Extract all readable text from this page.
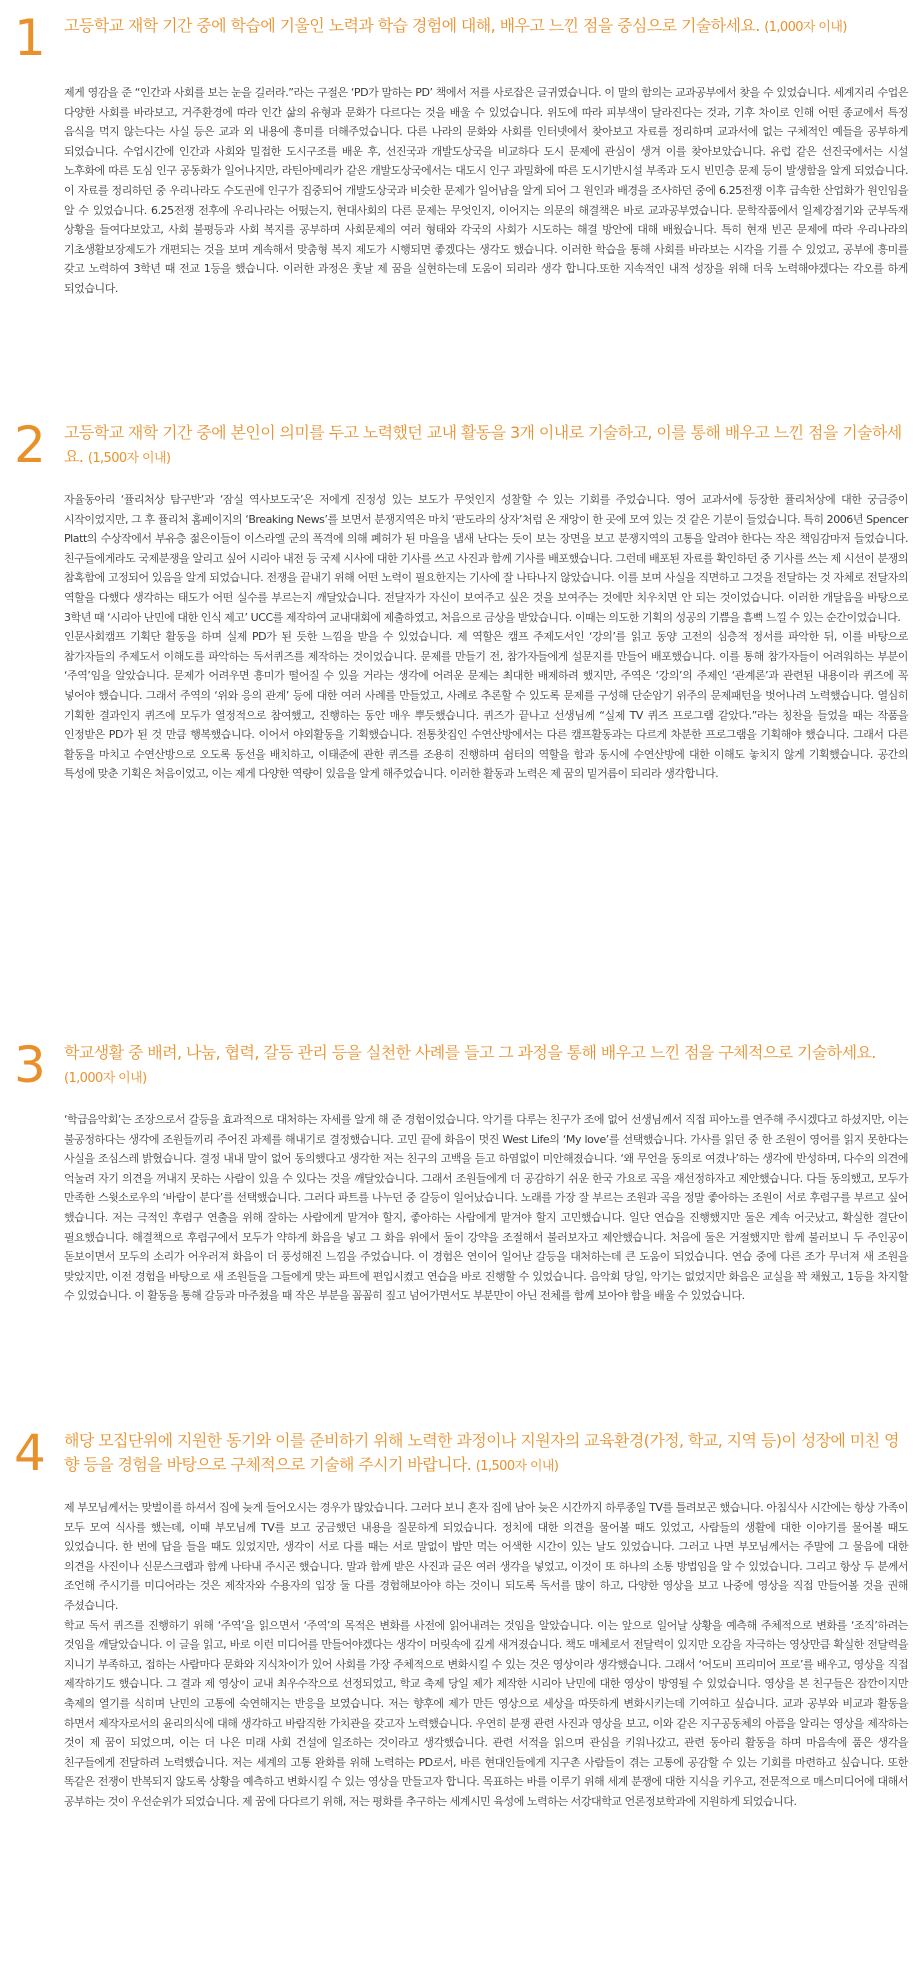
1	고등학교 재학 기간 중에 학습에 기울인 노력과 학습 경험에 대해, 배우고 느낀 점을 중심으로 기술하세요. (1,000자 이내)

제게 영감을 준 “인간과 사회를 보는 눈을 길러라.”라는 구절은 ‘PD가 말하는 PD’ 책에서 저를 사로잡은 글귀였습니다. 이 말의 함의는 교과공부에서 찾을 수 있었습니다. 세계지리 수업은 다양한 사회를 바라보고, 거주환경에 따라 인간 삶의 유형과 문화가 다르다는 것을 배울 수 있었습니다. 위도에 따라 피부색이 달라진다는 것과, 기후 차이로 인해 어떤 종교에서 특정 음식을 먹지 않는다는 사실 등은 교과 외 내용에 흥미를 더해주었습니다. 다른 나라의 문화와 사회를 인터넷에서 찾아보고 자료를 정리하며 교과서에 없는 구체적인 예들을 공부하게 되었습니다. 수업시간에 인간과 사회와 밀접한 도시구조를 배운 후, 선진국과 개발도상국을 비교하다 도시 문제에 관심이 생겨 이를 찾아보았습니다. 유럽 같은 선진국에서는 시설 노후화에 따른 도심 인구 공동화가 일어나지만, 라틴아메리카 같은 개발도상국에서는 대도시 인구 과밀화에 따른 도시기반시설 부족과 도시 빈민층 문제 등이 발생함을 알게 되었습니다. 이 자료를 정리하던 중 우리나라도 수도권에 인구가 집중되어 개발도상국과 비슷한 문제가 일어남을 알게 되어 그 원인과 배경을 조사하던 중에 6.25전쟁 이후 급속한 산업화가 원인임을 알 수 있었습니다. 6.25전쟁 전후에 우리나라는 어떴는지, 현대사회의 다른 문제는 무엇인지, 이어지는 의문의 해결책은 바로 교과공부였습니다. 문학작품에서 일제강점기와 군부독재 상황을 들여다보았고, 사회 불평등과 사회 복지를 공부하며 사회문제의 여러 형태와 각국의 사회가 시도하는 해결 방안에 대해 배웠습니다. 특히 현재 빈곤 문제에 따라 우리나라의 기초생활보장제도가 개편되는 것을 보며 계속해서 맞춤형 복지 제도가 시행되면 좋겠다는 생각도 했습니다. 이러한 학습을 통해 사회를 바라보는 시각을 기를 수 있었고, 공부에 흥미를 갖고 노력하여 3학년 때 전교 1등을 했습니다. 이러한 과정은 훗날 제 꿈을 실현하는데 도움이 되리라 생각 합니다.또한 지속적인 내적 성장을 위해 더욱 노력해야겠다는 각오를 하게 되었습니다.

2	고등학교 재학 기간 중에 본인이 의미를 두고 노력했던 교내 활동을 3개 이내로 기술하고, 이를 통해 배우고 느낀 점을 기술하세요. (1,500자 이내)

자율동아리 ‘퓰리처상 탐구반’과 ‘잠실 역사보도국’은 저에게 진정성 있는 보도가 무엇인지 성찰할 수 있는 기회를 주었습니다. 영어 교과서에 등장한 퓰리처상에 대한 궁금증이 시작이었지만, 그 후 퓰리처 홈페이지의 ‘Breaking News’를 보면서 분쟁지역은 마치 ‘판도라의 상자’처럼 온 재앙이 한 곳에 모여 있는 것 같은 기분이 들었습니다. 특히 2006년 Spencer Platt의 수상작에서 부유층 젊은이들이 이스라엘 군의 폭격에 의해 폐허가 된 마을을 냄새 난다는 듯이 보는 장면을 보고 분쟁지역의 고통을 알려야 한다는 작은 책임감마저 들었습니다. 친구들에게라도 국제분쟁을 알리고 싶어 시리아 내전 등 국제 시사에 대한 기사를 쓰고 사진과 함께 기사를 배포했습니다. 그런데 배포된 자료를 확인하던 중 기사를 쓰는 제 시선이 분쟁의 참혹함에 고정되어 있음을 알게 되었습니다. 전쟁을 끝내기 위해 어떤 노력이 필요한지는 기사에 잘 나타나지 않았습니다. 이를 보며 사실을 직면하고 그것을 전달하는 것 자체로 전달자의 역할을 다했다 생각하는 태도가 어떤 실수를 부르는지 깨달았습니다. 전달자가 자신이 보여주고 싶은 것을 보여주는 것에만 치우치면 안 되는 것이었습니다. 이러한 개달음을 바탕으로 3학년 때 ‘시리아 난민에 대한 인식 제고’ UCC를 제작하여 교내대회에 제출하였고, 처음으로 금상을 받았습니다. 이때는 의도한 기획의 성공의 기쁨을 흠뻑 느낄 수 있는 순간이었습니다.

인문사회캠프 기획단 활동을 하며 실제 PD가 된 듯한 느낌을 받을 수 있었습니다. 제 역할은 캠프 주제도서인 ‘강의’를 읽고 동양 고전의 심층적 정서를 파악한 뒤, 이를 바탕으로 참가자들의 주제도서 이해도를 파악하는 독서퀴즈를 제작하는 것이었습니다. 문제를 만들기 전, 참가자들에게 설문지를 만들어 배포했습니다. 이를 통해 참가자들이 어려워하는 부분이 ‘주역’임을 알았습니다. 문제가 어려우면 흥미가 떨어질 수 있을 거라는 생각에 어려운 문제는 최대한 배제하려 했지만, 주역은 ‘강의’의 주제인 ‘관계론’과 관련된 내용이라 퀴즈에 꼭 넣어야 했습니다. 그래서 주역의 ‘위와 응의 관계’ 등에 대한 여러 사례를 만들었고, 사례로 추론할 수 있도록 문제를 구성해 단순암기 위주의 문제패턴을 벗어나려 노력했습니다. 열심히 기획한 결과인지 퀴즈에 모두가 열정적으로 참여했고, 진행하는 동안 매우 뿌듯했습니다. 퀴즈가 끝나고 선생님께 “실제 TV 퀴즈 프로그램 같았다.”라는 칭찬을 들었을 때는 작품을 인정받은 PD가 된 것 만큼 행복했습니다. 이어서 야외활동을 기획했습니다. 전통찻집인 수연산방에서는 다른 캠프활동과는 다르게 차분한 프로그램을 기획해야 했습니다. 그래서 다른 활동을 마치고 수연산방으로 오도록 동선을 배치하고, 이태준에 관한 퀴즈를 조용히 진행하며 쉼터의 역할을 함과 동시에 수연산방에 대한 이해도 놓치지 않게 기획했습니다. 공간의 특성에 맞춘 기획은 처음이었고, 이는 제게 다양한 역량이 있음을 알게 해주었습니다. 이러한 활동과 노력은 제 꿈의 밑거름이 되리라 생각합니다.

3	학교생활 중 배려, 나눔, 협력, 갈등 관리 등을 실천한 사례를 들고 그 과정을 통해 배우고 느낀 점을 구체적으로 기술하세요. (1,000자 이내)

‘학급음악회’는 조장으로서 갈등을 효과적으로 대처하는 자세를 알게 해 준 경험이었습니다. 악기를 다루는 친구가 조에 없어 선생님께서 직접 피아노를 연주해 주시겠다고 하셨지만, 이는 불공정하다는 생각에 조원들끼리 주어진 과제를 해내기로 결정했습니다. 고민 끝에 화음이 멋진 West Life의 ‘My love’를 선택했습니다. 가사를 읽던 중 한 조원이 영어를 읽지 못한다는 사실을 조심스레 밝혔습니다. 결정 내내 말이 없어 동의했다고 생각한 저는 친구의 고백을 듣고 하염없이 미안해졌습니다. ‘왜 무언을 동의로 여겼나’하는 생각에 반성하며, 다수의 의견에 억눌려 자기 의견을 꺼내지 못하는 사람이 있을 수 있다는 것을 깨달았습니다. 그래서 조원들에게 더 공감하기 쉬운 한국 가요로 곡을 재선정하자고 제안했습니다. 다들 동의했고, 모두가 만족한 스윗소로우의 ‘바람이 분다’를 선택했습니다. 그러다 파트를 나누던 중 갈등이 일어났습니다. 노래를 가장 잘 부르는 조원과 곡을 정말 좋아하는 조원이 서로 후렴구를 부르고 싶어 했습니다. 저는 극적인 후렴구 연출을 위해 잘하는 사람에게 맡겨야 할지, 좋아하는 사람에게 맡겨야 할지 고민했습니다. 일단 연습을 진행했지만 둘은 계속 어긋났고, 확실한 결단이 필요했습니다. 해결책으로 후렴구에서 모두가 약하게 화음을 넣고 그 화음 위에서 둘이 강약을 조절해서 불러보자고 제안했습니다. 처음에 둘은 거절했지만 함께 불러보니 두 주인공이 돋보이면서 모두의 소리가 어우러져 화음이 더 풍성해진 느낌을 주었습니다. 이 경험은 연이어 일어난 갈등을 대처하는데 큰 도움이 되었습니다. 연습 중에 다른 조가 무너져 새 조원을 맞았지만, 이전 경험을 바탕으로 새 조원들을 그들에게 맞는 파트에 편입시켰고 연습을 바로 진행할 수 있었습니다. 음악회 당일, 악기는 없었지만 화음은 교실을 꽉 채웠고, 1등을 차지할 수 있었습니다. 이 활동을 통해 갈등과 마주쳤을 때 작은 부분을 꼼꼼히 짚고 넘어가면서도 부분만이 아닌 전체를 함께 보아야 함을 배울 수 있었습니다.

4	해당 모집단위에 지원한 동기와 이를 준비하기 위해 노력한 과정이나 지원자의 교육환경(가정, 학교, 지역 등)이 성장에 미친 영향 등을 경험을 바탕으로 구체적으로 기술해 주시기 바랍니다. (1,500자 이내)

제 부모님께서는 맞벌이를 하셔서 집에 늦게 들어오시는 경우가 많았습니다. 그러다 보니 혼자 집에 남아 늦은 시간까지 하루종일 TV를 틀려보곤 했습니다. 아침식사 시간에는 항상 가족이 모두 모여 식사를 했는데, 이때 부모님께 TV를 보고 궁금했던 내용을 질문하게 되었습니다. 정치에 대한 의견을 물어볼 때도 있었고, 사람들의 생활에 대한 이야기를 물어볼 때도 있었습니다. 한 번에 답을 들을 때도 있었지만, 생각이 서로 다를 때는 서로 말없이 밥만 먹는 어색한 시간이 있는 날도 있었습니다. 그러고 나면 부모님께서는 주말에 그 물음에 대한 의견을 사진이나 신문스크랩과 함께 나타내 주시곤 했습니다. 말과 함께 받은 사진과 글은 여러 생각을 넣었고, 이것이 또 하나의 소통 방법임을 알 수 있었습니다. 그리고 항상 두 분께서 조언해 주시기를 미디어라는 것은 제작자와 수용자의 입장 둘 다를 경험해보아야 하는 것이니 되도록 독서를 많이 하고, 다양한 영상을 보고 나중에 영상을 직접 만들어볼 것을 권해 주셨습니다.

학교 독서 퀴즈를 진행하기 위해 ‘주역’을 읽으면서 ‘주역’의 목적은 변화를 사전에 읽어내려는 것임을 알았습니다. 이는 앞으로 일어날 상황을 예측해 주체적으로 변화를 ‘조직’하려는 것임을 깨달았습니다. 이 글을 읽고, 바로 이런 미디어를 만들어야겠다는 생각이 머릿속에 깊게 새겨졌습니다. 책도 매체로서 전달력이 있지만 오감을 자극하는 영상만큼 확실한 전달력을 지니기 부족하고, 접하는 사람마다 문화와 지식차이가 있어 사회를 가장 주체적으로 변화시킬 수 있는 것은 영상이라 생각했습니다. 그래서 ‘어도비 프리미어 프로’를 배우고, 영상을 직접 제작하기도 했습니다. 그 결과 제 영상이 교내 최우수작으로 선정되었고, 학교 축제 당일 제가 제작한 시리아 난민에 대한 영상이 방영될 수 있었습니다. 영상을 본 친구들은 잠깐이지만 축제의 열기를 식히며 난민의 고통에 숙연해지는 반응을 보였습니다. 저는 향후에 제가 만든 영상으로 세상을 따뜻하게 변화시키는데 기여하고 싶습니다. 교과 공부와 비교과 활동을 하면서 제작자로서의 윤리의식에 대해 생각하고 바람직한 가치관을 갖고자 노력했습니다. 우연히 분쟁 관련 사진과 영상을 보고, 이와 같은 지구공동체의 아픔을 알리는 영상을 제작하는 것이 제 꿈이 되었으며, 이는 더 나은 미래 사회 건설에 일조하는 것이라고 생각했습니다. 관련 서적을 읽으며 관심을 키워나갔고, 관련 동아리 활동을 하며 마음속에 품은 생각을 친구들에게 전달하려 노력했습니다. 저는 세계의 고통 완화를 위해 노력하는 PD로서, 바른 현대인들에게 지구촌 사람들이 겪는 고통에 공감할 수 있는 기회를 마련하고 싶습니다. 또한 똑같은 전쟁이 반복되지 않도록 상황을 예측하고 변화시킬 수 있는 영상을 만들고자 합니다. 목표하는 바를 이루기 위해 세계 분쟁에 대한 지식을 키우고, 전문적으로 매스미디어에 대해서 공부하는 것이 우선순위가 되었습니다. 제 꿈에 다다르기 위해, 저는 평화를 추구하는 세계시민 육성에 노력하는 서강대학교 언론정보학과에 지원하게 되었습니다.
